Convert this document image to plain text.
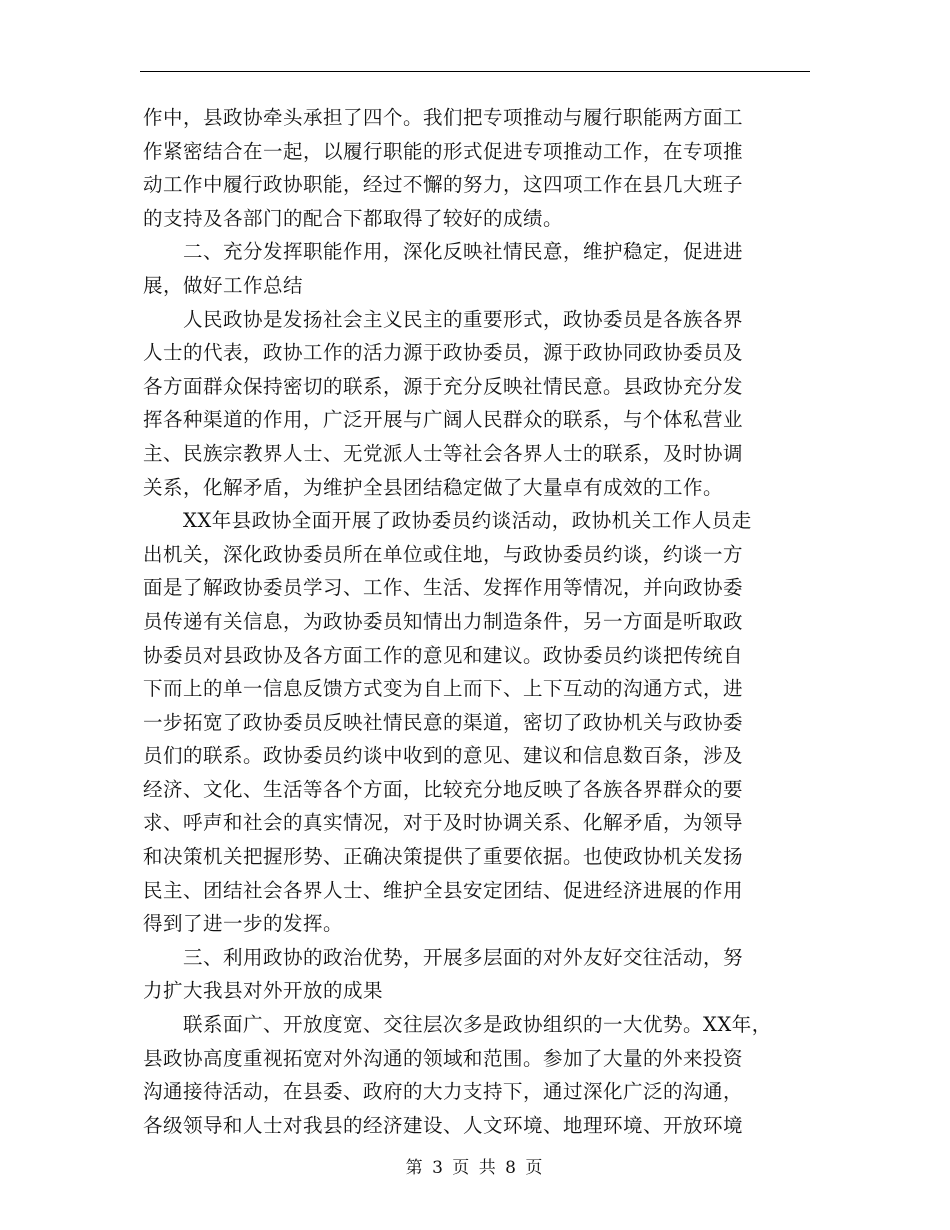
作中，县政协牵头承担了四个。我们把专项推动与履行职能两方面工
作紧密结合在一起，以履行职能的形式促进专项推动工作，在专项推
动工作中履行政协职能，经过不懈的努力，这四项工作在县几大班子
的支持及各部门的配合下都取得了较好的成绩。
　　二、充分发挥职能作用，深化反映社情民意，维护稳定，促进进
展，做好工作总结
　　人民政协是发扬社会主义民主的重要形式，政协委员是各族各界
人士的代表，政协工作的活力源于政协委员，源于政协同政协委员及
各方面群众保持密切的联系，源于充分反映社情民意。县政协充分发
挥各种渠道的作用，广泛开展与广阔人民群众的联系，与个体私营业
主、民族宗教界人士、无党派人士等社会各界人士的联系，及时协调
关系，化解矛盾，为维护全县团结稳定做了大量卓有成效的工作。
　　XX年县政协全面开展了政协委员约谈活动，政协机关工作人员走
出机关，深化政协委员所在单位或住地，与政协委员约谈，约谈一方
面是了解政协委员学习、工作、生活、发挥作用等情况，并向政协委
员传递有关信息，为政协委员知情出力制造条件，另一方面是听取政
协委员对县政协及各方面工作的意见和建议。政协委员约谈把传统自
下而上的单一信息反馈方式变为自上而下、上下互动的沟通方式，进
一步拓宽了政协委员反映社情民意的渠道，密切了政协机关与政协委
员们的联系。政协委员约谈中收到的意见、建议和信息数百条，涉及
经济、文化、生活等各个方面，比较充分地反映了各族各界群众的要
求、呼声和社会的真实情况，对于及时协调关系、化解矛盾，为领导
和决策机关把握形势、正确决策提供了重要依据。也使政协机关发扬
民主、团结社会各界人士、维护全县安定团结、促进经济进展的作用
得到了进一步的发挥。
　　三、利用政协的政治优势，开展多层面的对外友好交往活动，努
力扩大我县对外开放的成果
　　联系面广、开放度宽、交往层次多是政协组织的一大优势。XX年，
县政协高度重视拓宽对外沟通的领域和范围。参加了大量的外来投资
沟通接待活动，在县委、政府的大力支持下，通过深化广泛的沟通，
各级领导和人士对我县的经济建设、人文环境、地理环境、开放环境
第 3 页 共 8 页
